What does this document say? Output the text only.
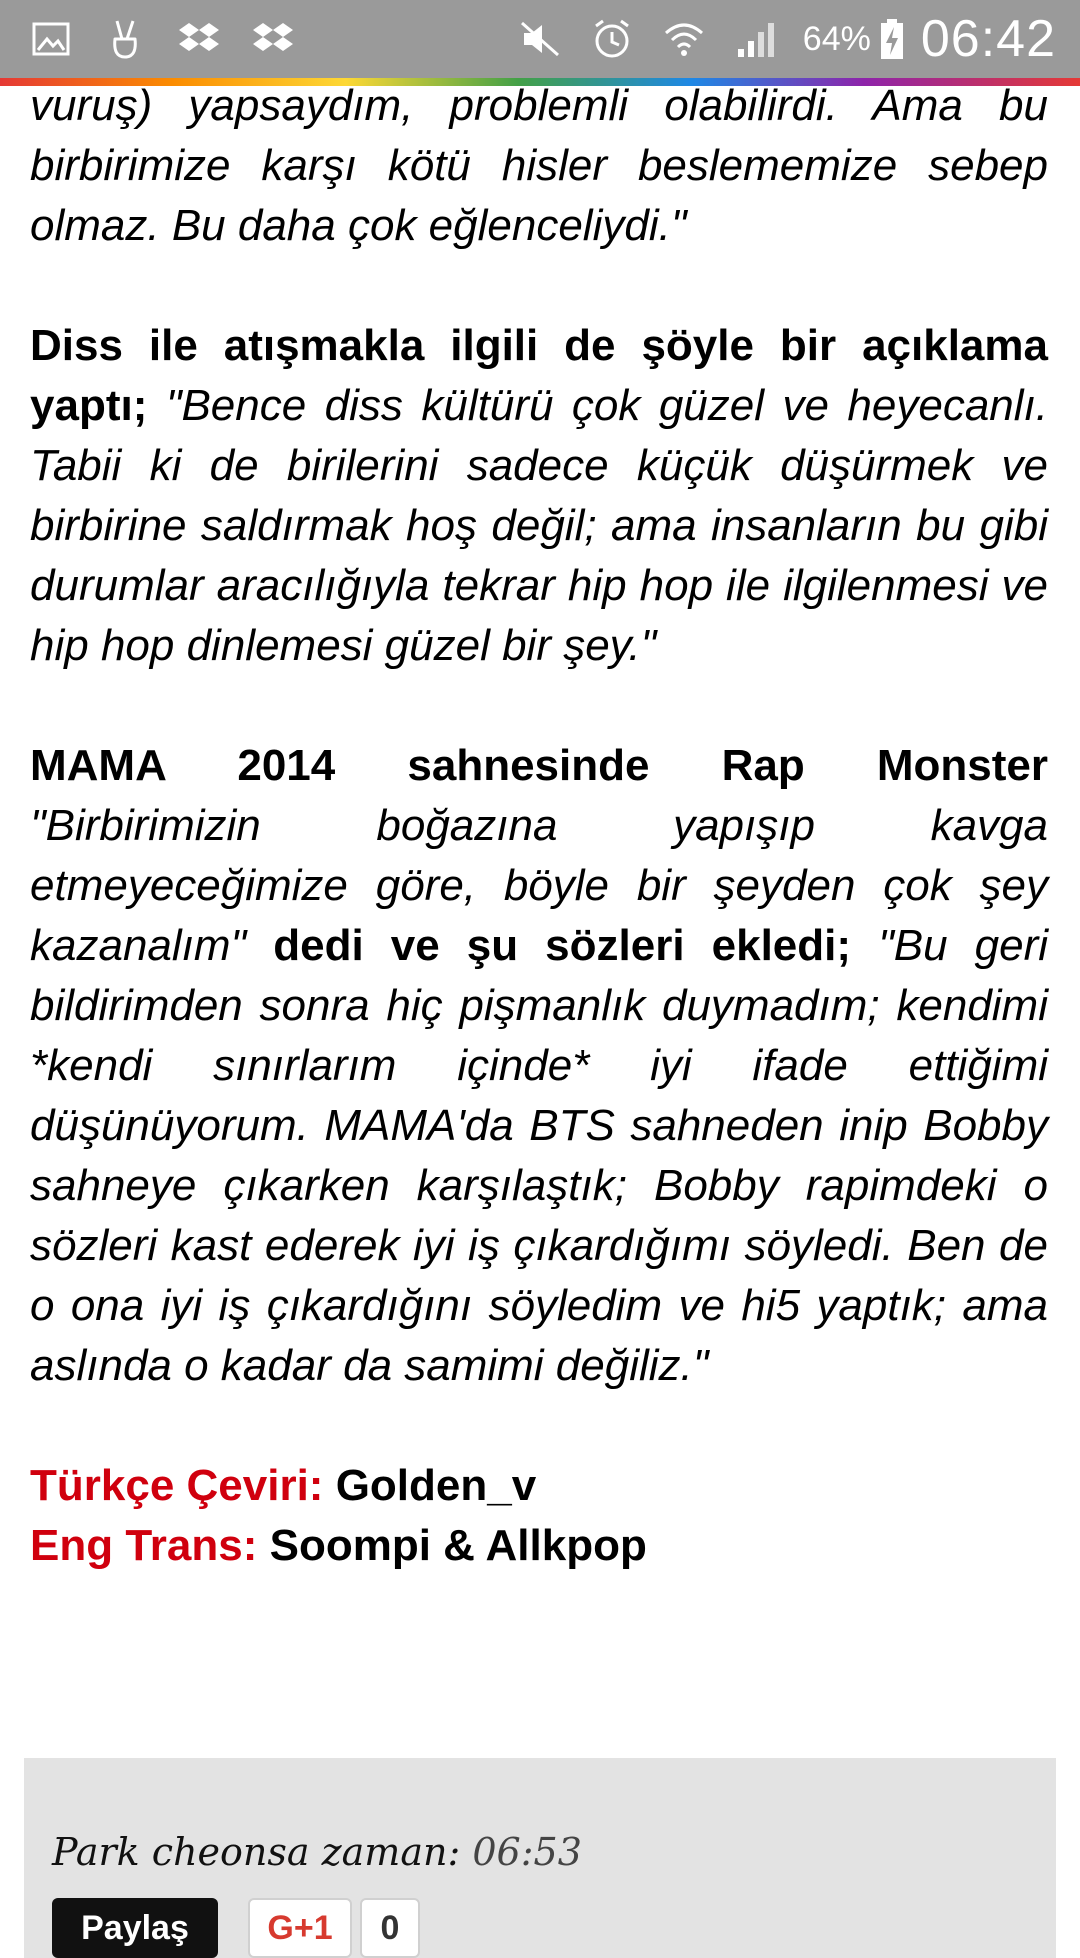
64% 06:42

vuruş) yapsaydım, problemli olabilirdi. Ama bu birbirimize karşı kötü hisler beslememize sebep olmaz. Bu daha çok eğlenceliydi."

Diss ile atışmakla ilgili de şöyle bir açıklama yaptı; "Bence diss kültürü çok güzel ve heyecanlı. Tabii ki de birilerini sadece küçük düşürmek ve birbirine saldırmak hoş değil; ama insanların bu gibi durumlar aracılığıyla tekrar hip hop ile ilgilenmesi ve hip hop dinlemesi güzel bir şey."

MAMA 2014 sahnesinde Rap Monster "Birbirimizin boğazına yapışıp kavga etmeyeceğimize göre, böyle bir şeyden çok şey kazanalım" dedi ve şu sözleri ekledi; "Bu geri bildirimden sonra hiç pişmanlık duymadım; kendimi *kendi sınırlarım içinde* iyi ifade ettiğimi düşünüyorum. MAMA'da BTS sahneden inip Bobby sahneye çıkarken karşılaştık; Bobby rapimdeki o sözleri kast ederek iyi iş çıkardığımı söyledi. Ben de o ona iyi iş çıkardığını söyledim ve hi5 yaptık; ama aslında o kadar da samimi değiliz."

Türkçe Çeviri: Golden_v
Eng Trans: Soompi & Allkpop
Park cheonsa zaman: 06:53
Paylaş	G+1	0
